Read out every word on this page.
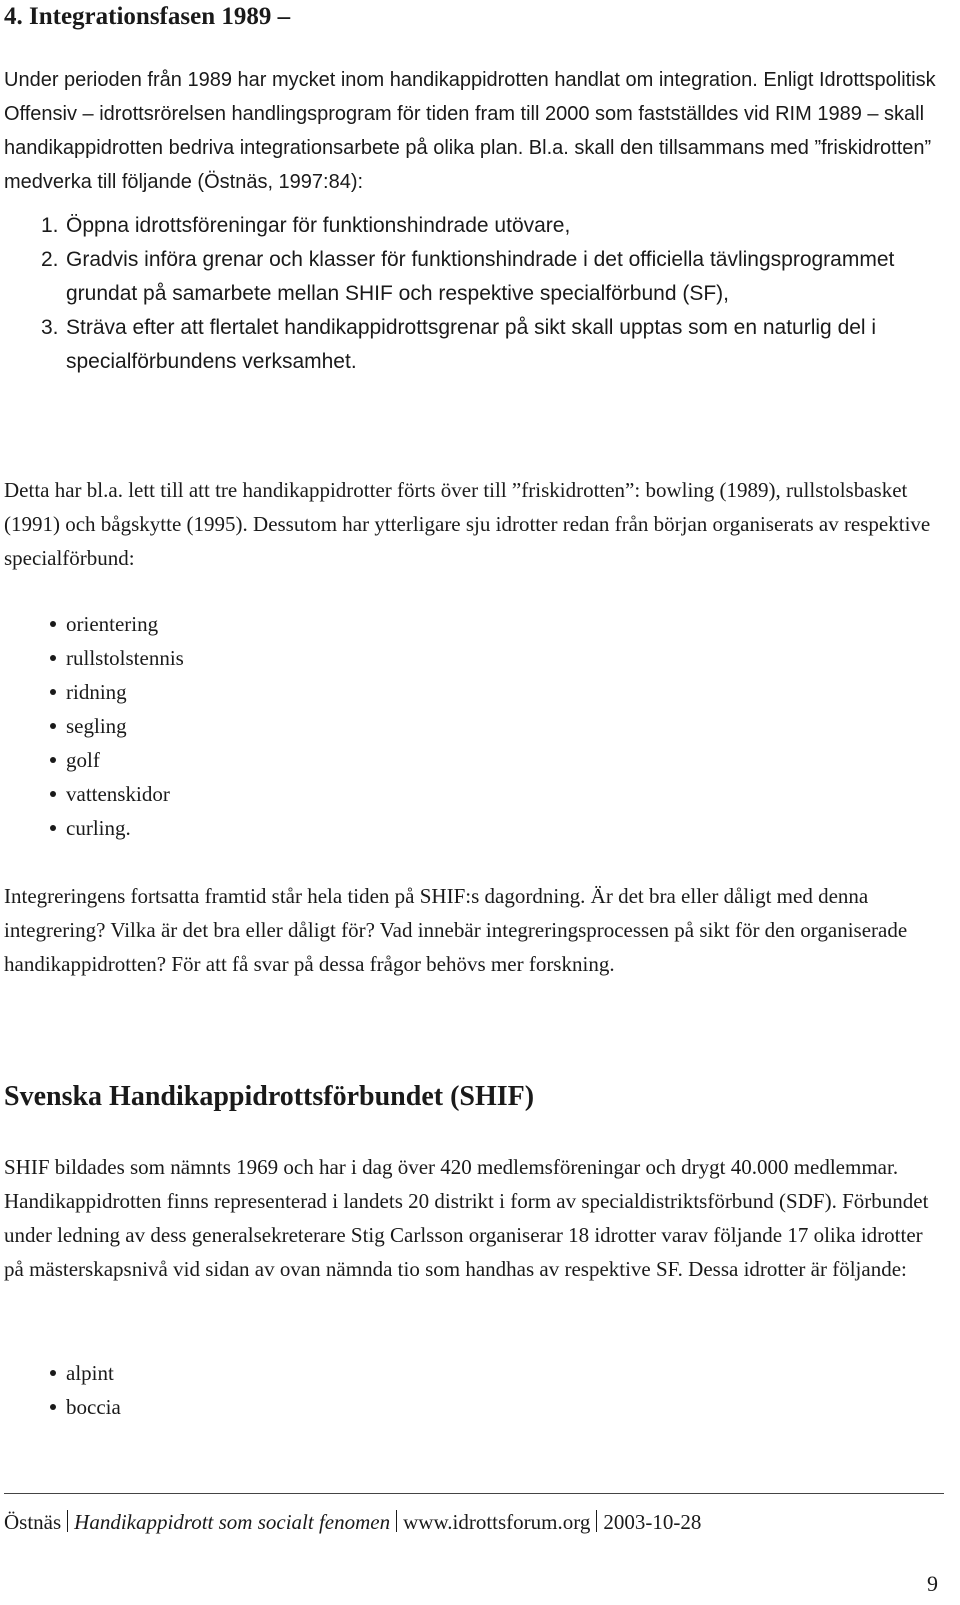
4. Integrationsfasen 1989 –

Under perioden från 1989 har mycket inom handikappidrotten handlat om integration. Enligt Idrottspolitisk Offensiv – idrottsrörelsen handlingsprogram för tiden fram till 2000 som fastställdes vid RIM 1989 – skall handikappidrotten bedriva integrationsarbete på olika plan. Bl.a. skall den tillsammans med ”friskidrotten” medverka till följande (Östnäs, 1997:84):

1. Öppna idrottsföreningar för funktionshindrade utövare,
2. Gradvis införa grenar och klasser för funktionshindrade i det officiella tävlingsprogrammet grundat på samarbete mellan SHIF och respektive specialförbund (SF),
3. Sträva efter att flertalet handikappidrottsgrenar på sikt skall upptas som en naturlig del i specialförbundens verksamhet.

Detta har bl.a. lett till att tre handikappidrotter förts över till ”friskidrotten”: bowling (1989), rullstolsbasket (1991) och bågskytte (1995). Dessutom har ytterligare sju idrotter redan från början organiserats av respektive specialförbund:

orientering
rullstolstennis
ridning
segling
golf
vattenskidor
curling.

Integreringens fortsatta framtid står hela tiden på SHIF:s dagordning. Är det bra eller dåligt med denna integrering? Vilka är det bra eller dåligt för? Vad innebär integreringsprocessen på sikt för den organiserade handikappidrotten? För att få svar på dessa frågor behövs mer forskning.

Svenska Handikappidrottsförbundet (SHIF)

SHIF bildades som nämnts 1969 och har i dag över 420 medlemsföreningar och drygt 40.000 medlemmar. Handikappidrotten finns representerad i landets 20 distrikt i form av specialdistriktsförbund (SDF). Förbundet under ledning av dess generalsekreterare Stig Carlsson organiserar 18 idrotter varav följande 17 olika idrotter på mästerskapsnivå vid sidan av ovan nämnda tio som handhas av respektive SF. Dessa idrotter är följande:

alpint
boccia
Östnäs Handikappidrott som socialt fenomen www.idrottsforum.org 2003-10-28
9
